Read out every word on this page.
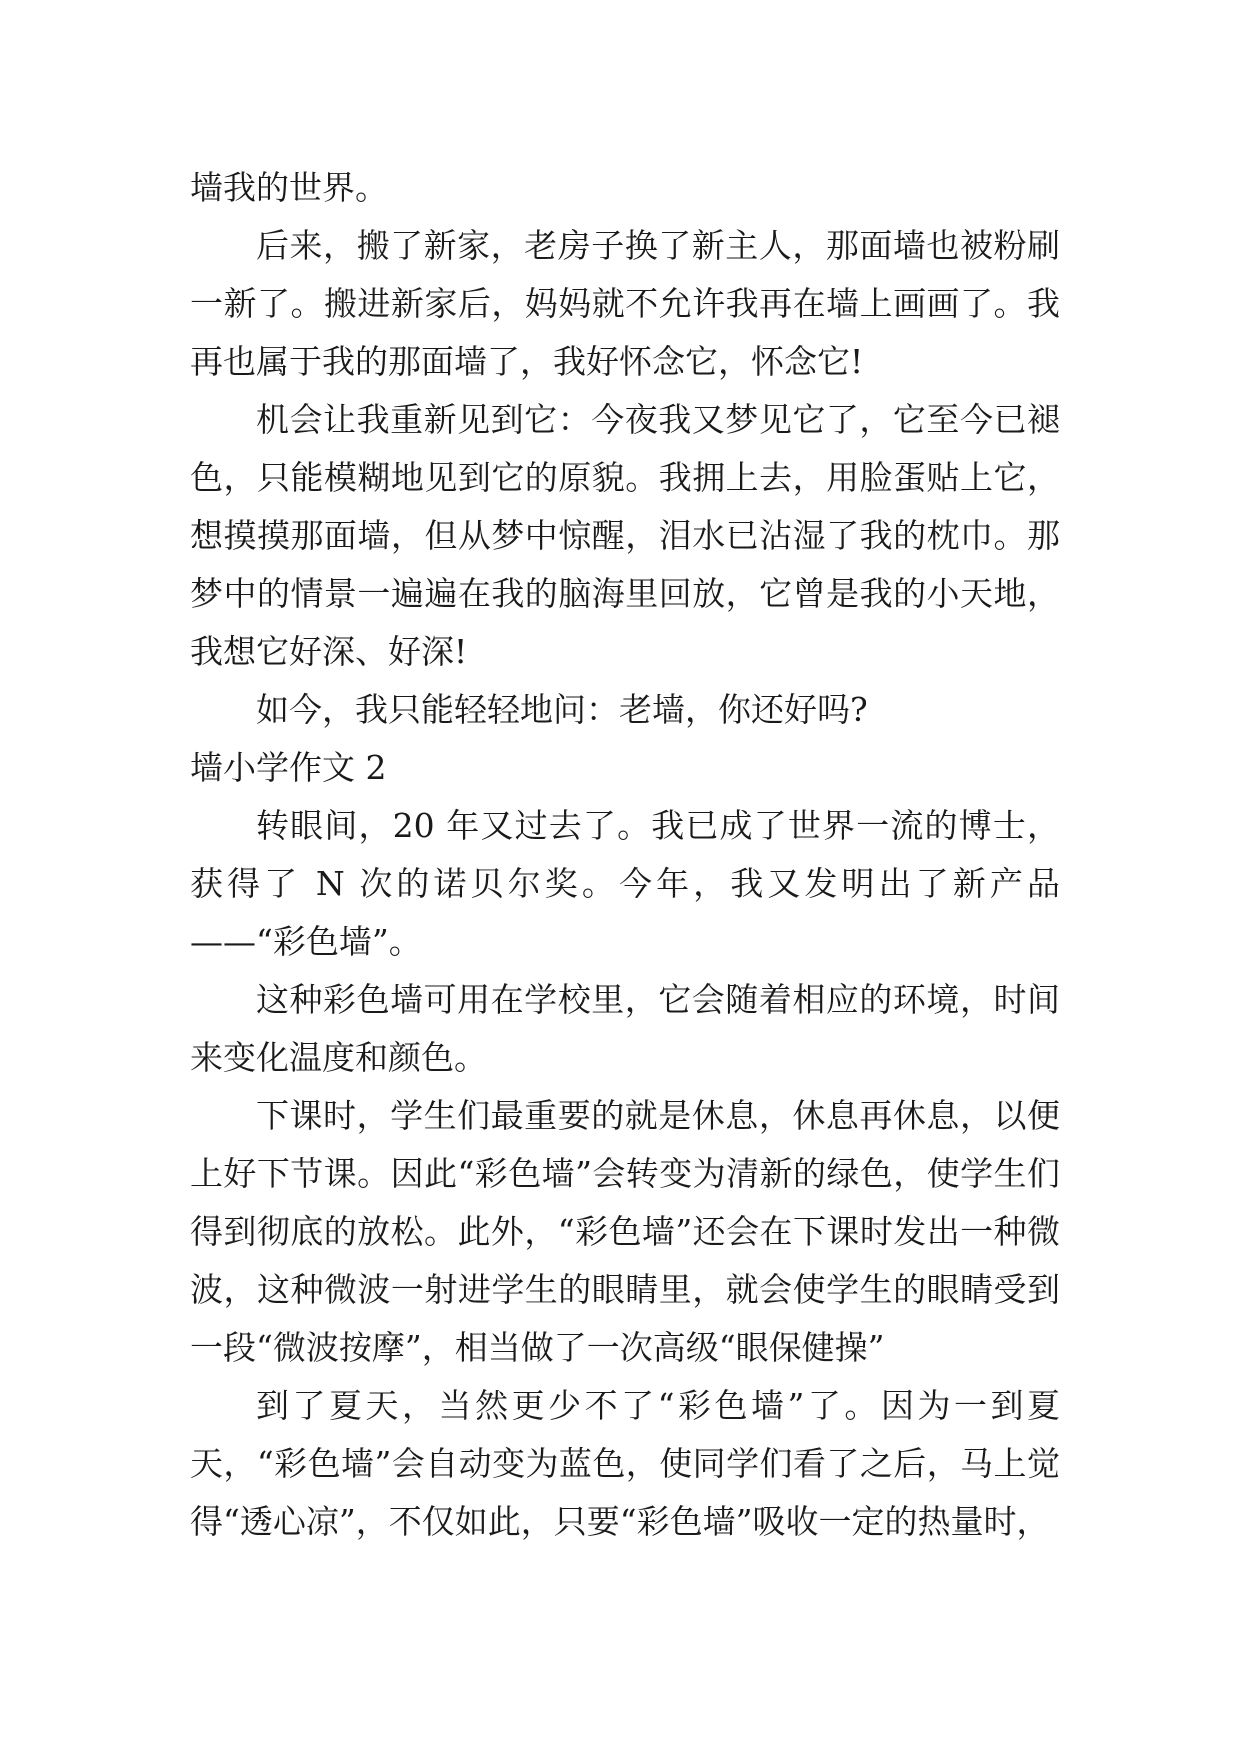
墙我的世界。

后来，搬了新家，老房子换了新主人，那面墙也被粉刷一新了。搬进新家后，妈妈就不允许我再在墙上画画了。我再也属于我的那面墙了，我好怀念它，怀念它!

机会让我重新见到它：今夜我又梦见它了，它至今已褪色，只能模糊地见到它的原貌。我拥上去，用脸蛋贴上它，想摸摸那面墙，但从梦中惊醒，泪水已沾湿了我的枕巾。那梦中的情景一遍遍在我的脑海里回放，它曾是我的小天地，我想它好深、好深!

如今，我只能轻轻地问：老墙，你还好吗?

墙小学作文 2

转眼间，20 年又过去了。我已成了世界一流的博士，获得了 N 次的诺贝尔奖。今年，我又发明出了新产品——“彩色墙”。

这种彩色墙可用在学校里，它会随着相应的环境，时间来变化温度和颜色。

下课时，学生们最重要的就是休息，休息再休息，以便上好下节课。因此“彩色墙”会转变为清新的绿色，使学生们得到彻底的放松。此外，“彩色墙”还会在下课时发出一种微波，这种微波一射进学生的眼睛里，就会使学生的眼睛受到一段“微波按摩”，相当做了一次高级“眼保健操”

到了夏天，当然更少不了“彩色墙”了。因为一到夏天，“彩色墙”会自动变为蓝色，使同学们看了之后，马上觉得“透心凉”，不仅如此，只要“彩色墙”吸收一定的热量时，
